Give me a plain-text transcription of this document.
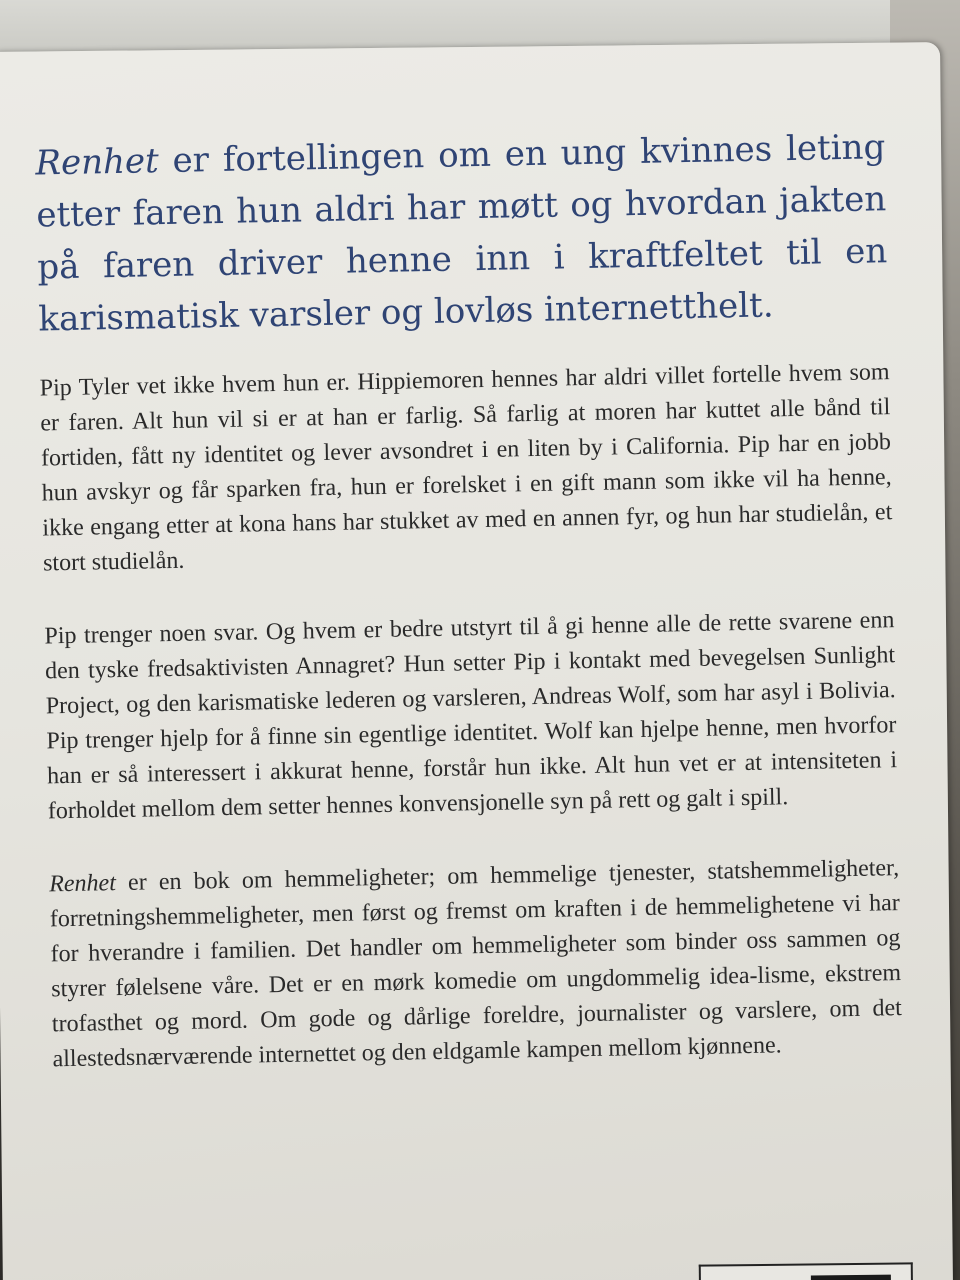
Renhet er fortellingen om en ung kvinnes leting etter faren hun aldri har møtt og hvordan jakten på faren driver henne inn i kraftfeltet til en karismatisk varsler og lovløs internetthelt.

Pip Tyler vet ikke hvem hun er. Hippiemoren hennes har aldri villet fortelle hvem som er faren. Alt hun vil si er at han er farlig. Så farlig at moren har kuttet alle bånd til fortiden, fått ny identitet og lever avsondret i en liten by i California. Pip har en jobb hun avskyr og får sparken fra, hun er forelsket i en gift mann som ikke vil ha henne, ikke engang etter at kona hans har stukket av med en annen fyr, og hun har studielån, et stort studielån.

Pip trenger noen svar. Og hvem er bedre utstyrt til å gi henne alle de rette svarene enn den tyske fredsaktivisten Annagret? Hun setter Pip i kontakt med bevegelsen Sunlight Project, og den karismatiske lederen og varsleren, Andreas Wolf, som har asyl i Bolivia. Pip trenger hjelp for å finne sin egentlige identitet. Wolf kan hjelpe henne, men hvorfor han er så interessert i akkurat henne, forstår hun ikke. Alt hun vet er at intensiteten i forholdet mellom dem setter hennes konvensjonelle syn på rett og galt i spill.

Renhet er en bok om hemmeligheter; om hemmelige tjenester, statshemmeligheter, forretningshemmeligheter, men først og fremst om kraften i de hemmelighetene vi har for hverandre i familien. Det handler om hemmeligheter som binder oss sammen og styrer følelsene våre. Det er en mørk komedie om ungdommelig idea-lisme, ekstrem trofasthet og mord. Om gode og dårlige foreldre, journalister og varslere, om det allestedsnærværende internettet og den eldgamle kampen mellom kjønnene.
